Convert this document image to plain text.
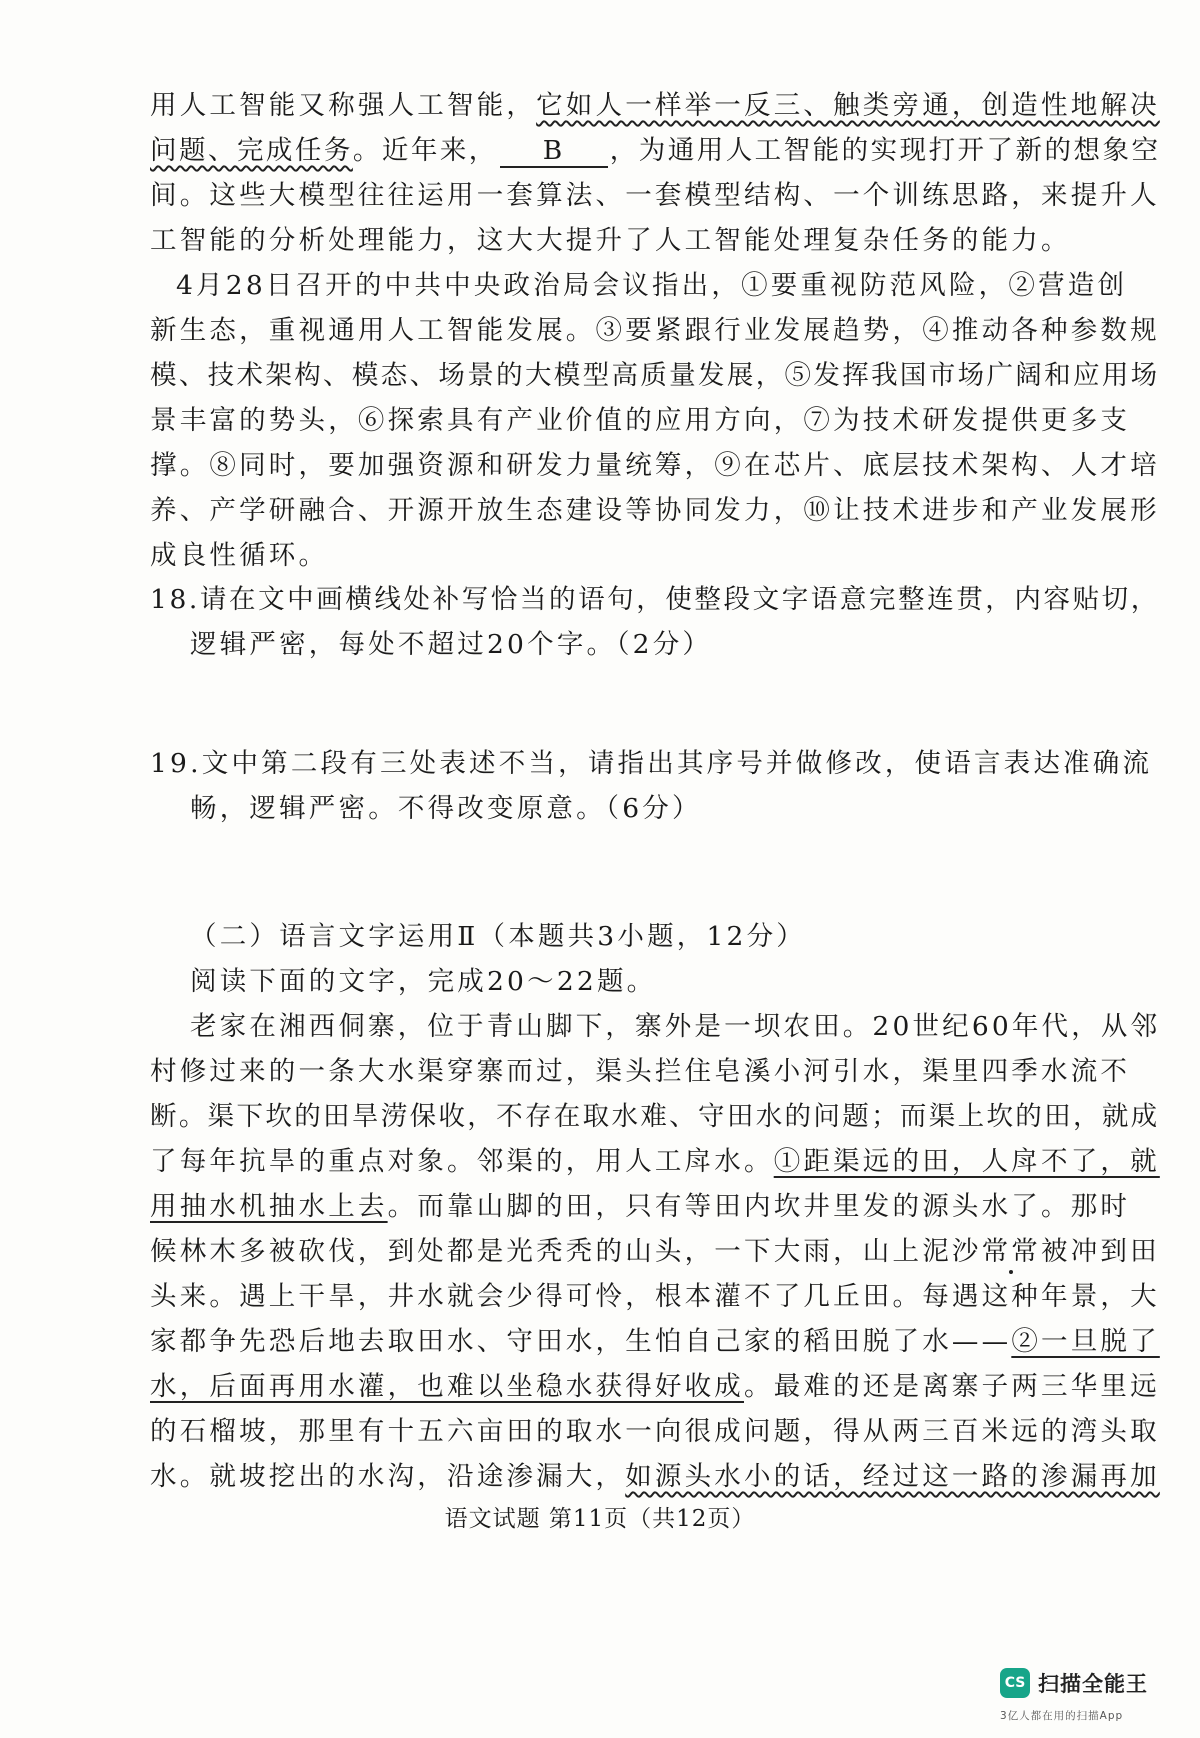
用人工智能又称强人工智能，它如人一样举一反三、触类旁通，创造性地解决
问题、完成任务。近年来， B ，为通用人工智能的实现打开了新的想象空
间。这些大模型往往运用一套算法、一套模型结构、一个训练思路，来提升人
工智能的分析处理能力，这大大提升了人工智能处理复杂任务的能力。
4月28日召开的中共中央政治局会议指出，①要重视防范风险，②营造创
新生态，重视通用人工智能发展。③要紧跟行业发展趋势，④推动各种参数规
模、技术架构、模态、场景的大模型高质量发展，⑤发挥我国市场广阔和应用场
景丰富的势头，⑥探索具有产业价值的应用方向，⑦为技术研发提供更多支
撑。⑧同时，要加强资源和研发力量统筹，⑨在芯片、底层技术架构、人才培
养、产学研融合、开源开放生态建设等协同发力，⑩让技术进步和产业发展形
成良性循环。
18.请在文中画横线处补写恰当的语句，使整段文字语意完整连贯，内容贴切，
逻辑严密，每处不超过20个字。（2分）
19.文中第二段有三处表述不当，请指出其序号并做修改，使语言表达准确流
畅，逻辑严密。不得改变原意。（6分）
（二）语言文字运用Ⅱ（本题共3小题，12分）
阅读下面的文字，完成20～22题。
老家在湘西侗寨，位于青山脚下，寨外是一坝农田。20世纪60年代，从邻
村修过来的一条大水渠穿寨而过，渠头拦住皂溪小河引水，渠里四季水流不
断。渠下坎的田旱涝保收，不存在取水难、守田水的问题；而渠上坎的田，就成
了每年抗旱的重点对象。邻渠的，用人工戽水。①距渠远的田，人戽不了，就
用抽水机抽水上去。而靠山脚的田，只有等田内坎井里发的源头水了。那时
候林木多被砍伐，到处都是光秃秃的山头，一下大雨，山上泥沙常常被冲到田
头来。遇上干旱，井水就会少得可怜，根本灌不了几丘田。每遇这种年景，大
家都争先恐后地去取田水、守田水，生怕自己家的稻田脱了水——②一旦脱了
水，后面再用水灌，也难以坐稳水获得好收成。最难的还是离寨子两三华里远
的石榴坡，那里有十五六亩田的取水一向很成问题，得从两三百米远的湾头取
水。就坡挖出的水沟，沿途渗漏大，如源头水小的话，经过这一路的渗漏再加
语文试题 第11页（共12页）
CS 扫描全能王
3亿人都在用的扫描App
